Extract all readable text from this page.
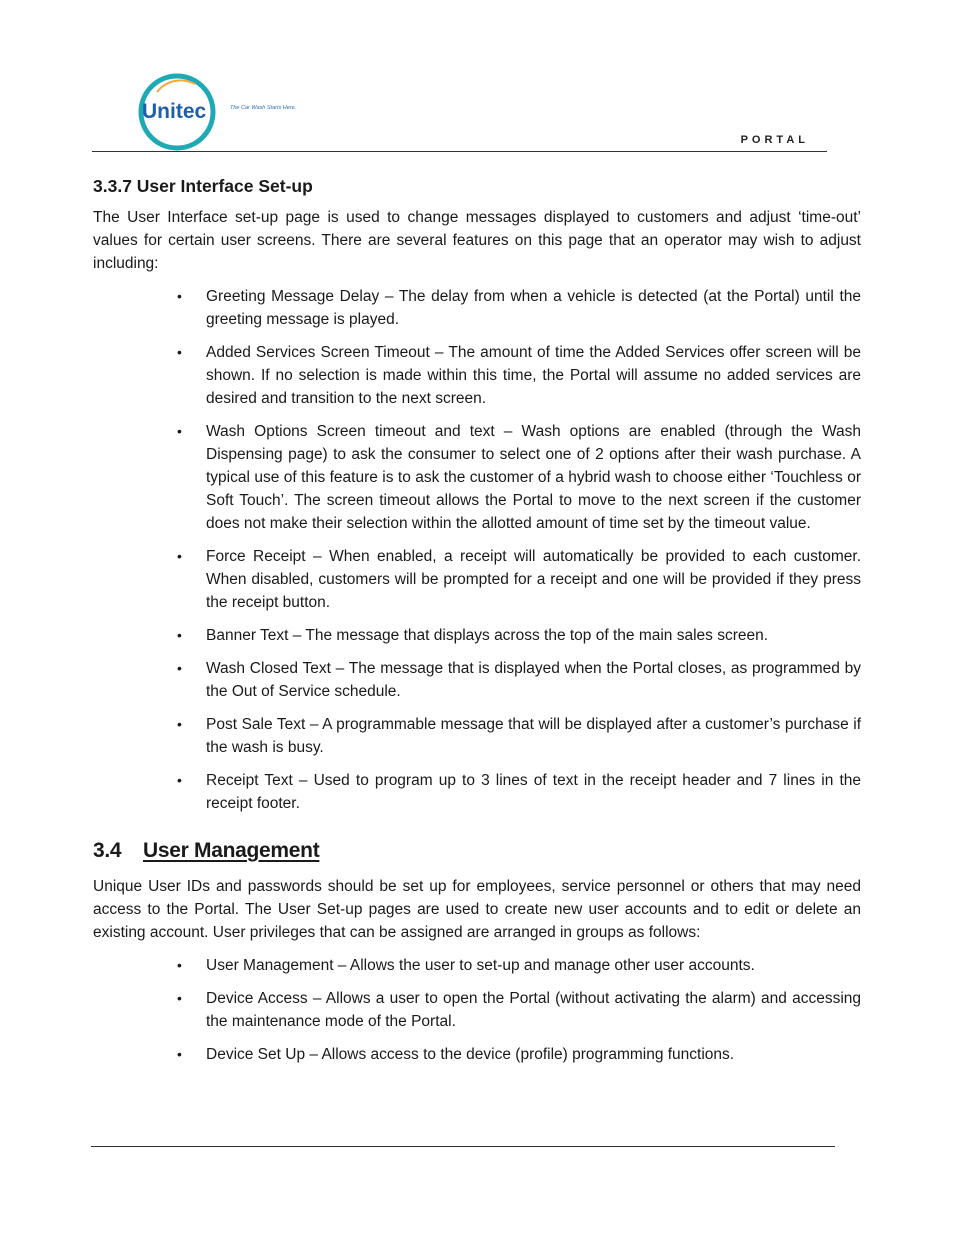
Unitec	The Car Wash Starts Here.
PORTAL
3.3.7 User Interface Set-up

The User Interface set-up page is used to change messages displayed to customers and adjust ‘time-out’ values for certain user screens. There are several features on this page that an operator may wish to adjust including:

• Greeting Message Delay – The delay from when a vehicle is detected (at the Portal) until the greeting message is played.
• Added Services Screen Timeout – The amount of time the Added Services offer screen will be shown. If no selection is made within this time, the Portal will assume no added services are desired and transition to the next screen.
• Wash Options Screen timeout and text – Wash options are enabled (through the Wash Dispensing page) to ask the consumer to select one of 2 options after their wash purchase. A typical use of this feature is to ask the customer of a hybrid wash to choose either ‘Touchless or Soft Touch’. The screen timeout allows the Portal to move to the next screen if the customer does not make their selection within the allotted amount of time set by the timeout value.
• Force Receipt – When enabled, a receipt will automatically be provided to each customer. When disabled, customers will be prompted for a receipt and one will be provided if they press the receipt button.
• Banner Text – The message that displays across the top of the main sales screen.
• Wash Closed Text – The message that is displayed when the Portal closes, as programmed by the Out of Service schedule.
• Post Sale Text – A programmable message that will be displayed after a customer’s purchase if the wash is busy.
• Receipt Text – Used to program up to 3 lines of text in the receipt header and 7 lines in the receipt footer.
3.4 User Management

Unique User IDs and passwords should be set up for employees, service personnel or others that may need access to the Portal. The User Set-up pages are used to create new user accounts and to edit or delete an existing account. User privileges that can be assigned are arranged in groups as follows:

• User Management – Allows the user to set-up and manage other user accounts.
• Device Access – Allows a user to open the Portal (without activating the alarm) and accessing the maintenance mode of the Portal.
• Device Set Up – Allows access to the device (profile) programming functions.
